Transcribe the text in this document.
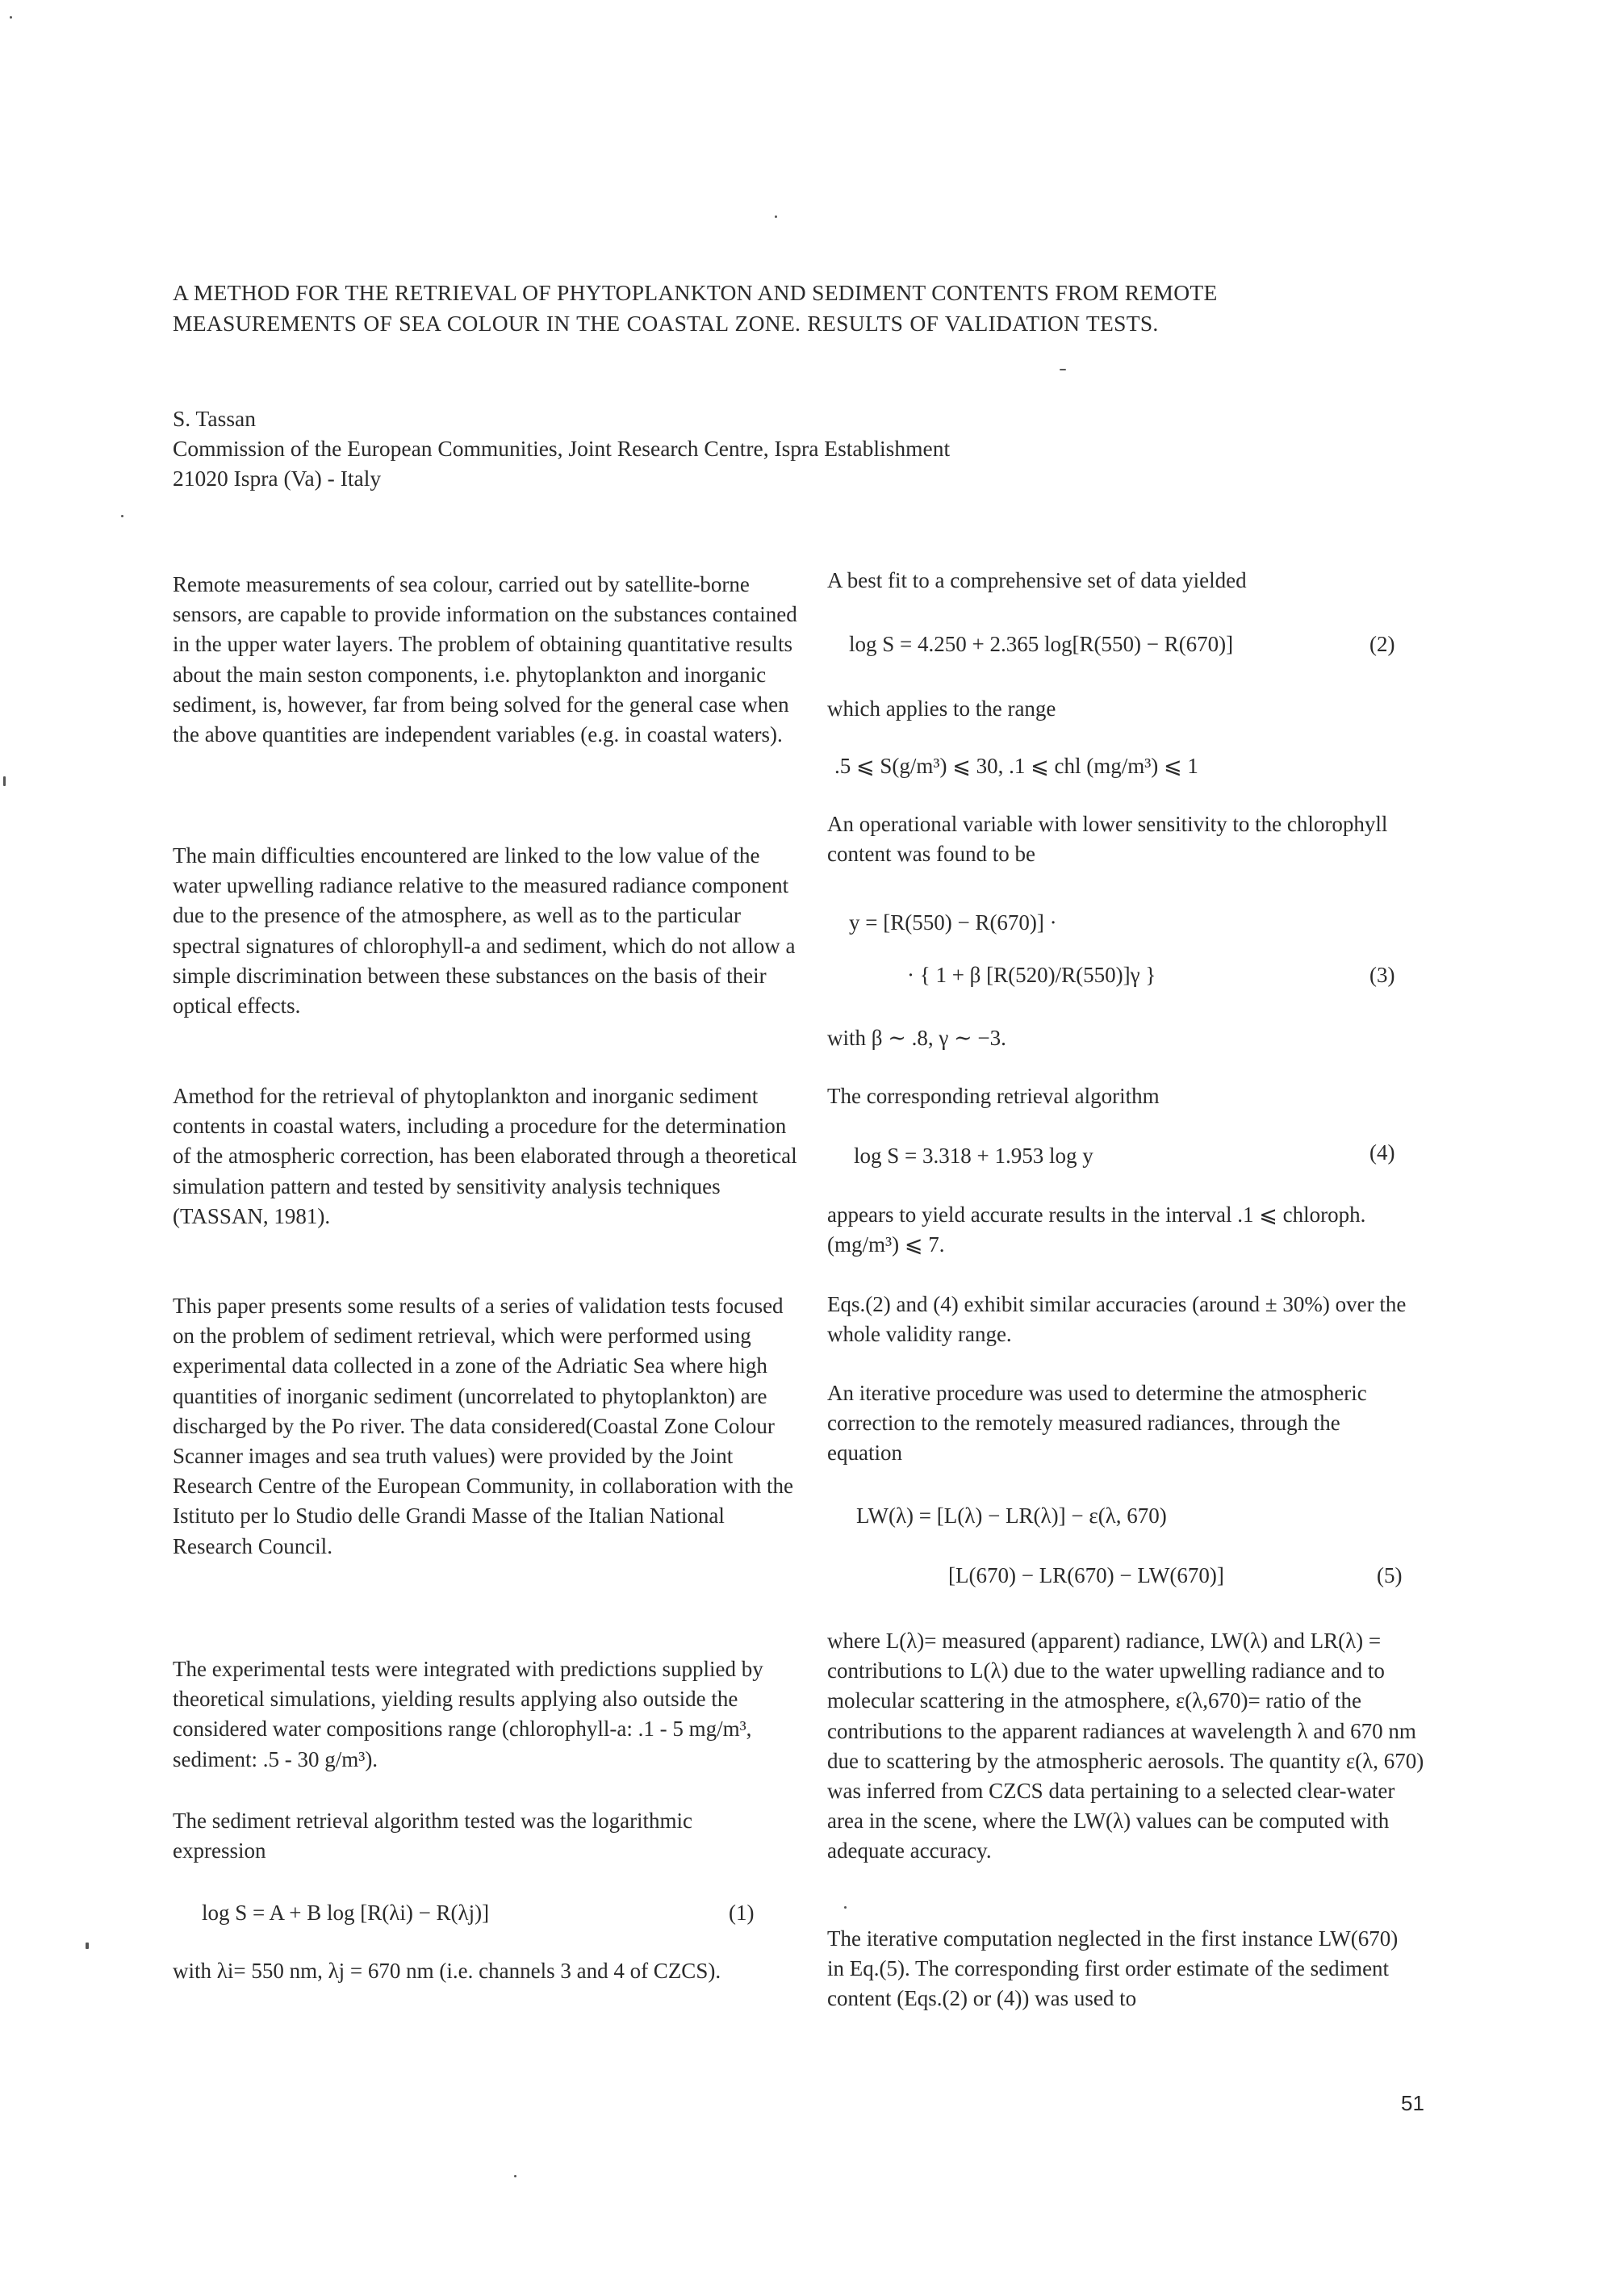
A METHOD FOR THE RETRIEVAL OF PHYTOPLANKTON AND SEDIMENT CONTENTS FROM REMOTE
MEASUREMENTS OF SEA COLOUR IN THE COASTAL ZONE. RESULTS OF VALIDATION TESTS.
S. Tassan
Commission of the European Communities, Joint Research Centre, Ispra Establishment
21020 Ispra (Va) - Italy

Remote measurements of sea colour, carried out by satellite-borne sensors, are capable to provide information on the substances contained in the upper water layers. The problem of obtaining quantitative results about the main seston components, i.e. phytoplankton and inorganic sediment, is, however, far from being solved for the general case when the above quantities are independent variables (e.g. in coastal waters).

The main difficulties encountered are linked to the low value of the water upwelling radiance relative to the measured radiance component due to the presence of the atmosphere, as well as to the particular spectral signatures of chlorophyll-a and sediment, which do not allow a simple discrimination between these substances on the basis of their optical effects.

Amethod for the retrieval of phytoplankton and inorganic sediment contents in coastal waters, including a procedure for the determination of the atmospheric correction, has been elaborated through a theoretical simulation pattern and tested by sensitivity analysis techniques (TASSAN, 1981).

This paper presents some results of a series of validation tests focused on the problem of sediment retrieval, which were performed using experimental data collected in a zone of the Adriatic Sea where high quantities of inorganic sediment (uncorrelated to phytoplankton) are discharged by the Po river. The data considered(Coastal Zone Colour Scanner images and sea truth values) were provided by the Joint Research Centre of the European Community, in collaboration with the Istituto per lo Studio delle Grandi Masse of the Italian National Research Council.

The experimental tests were integrated with predictions supplied by theoretical simulations, yielding results applying also outside the considered water compositions range (chlorophyll-a: .1 - 5 mg/m³, sediment: .5 - 30 g/m³).

The sediment retrieval algorithm tested was the logarithmic expression

log S = A + B log [R(λi) − R(λj)]	(1)

with λi= 550 nm, λj = 670 nm (i.e. channels 3 and 4 of CZCS).

A best fit to a comprehensive set of data yielded

log S = 4.250 + 2.365 log[R(550) − R(670)]	(2)

which applies to the range

.5 ⩽ S(g/m³) ⩽ 30, .1 ⩽ chl (mg/m³) ⩽ 1

An operational variable with lower sensitivity to the chlorophyll content was found to be

y = [R(550) − R(670)] ·
· { 1 + β [R(520)/R(550)]γ }	(3)

with β ∼ .8, γ ∼ −3.

The corresponding retrieval algorithm

log S = 3.318 + 1.953 log y	(4)

appears to yield accurate results in the interval .1 ⩽ chloroph. (mg/m³) ⩽ 7.

Eqs.(2) and (4) exhibit similar accuracies (around ± 30%) over the whole validity range.

An iterative procedure was used to determine the atmospheric correction to the remotely measured radiances, through the equation

LW(λ) = [L(λ) − LR(λ)] − ε(λ, 670)
[L(670) − LR(670) − LW(670)]	(5)

where L(λ)= measured (apparent) radiance, LW(λ) and LR(λ) = contributions to L(λ) due to the water upwelling radiance and to molecular scattering in the atmosphere, ε(λ,670)= ratio of the contributions to the apparent radiances at wavelength λ and 670 nm due to scattering by the atmospheric aerosols. The quantity ε(λ, 670) was inferred from CZCS data pertaining to a selected clear-water area in the scene, where the LW(λ) values can be computed with adequate accuracy.

The iterative computation neglected in the first instance LW(670) in Eq.(5). The corresponding first order estimate of the sediment content (Eqs.(2) or (4)) was used to

51
